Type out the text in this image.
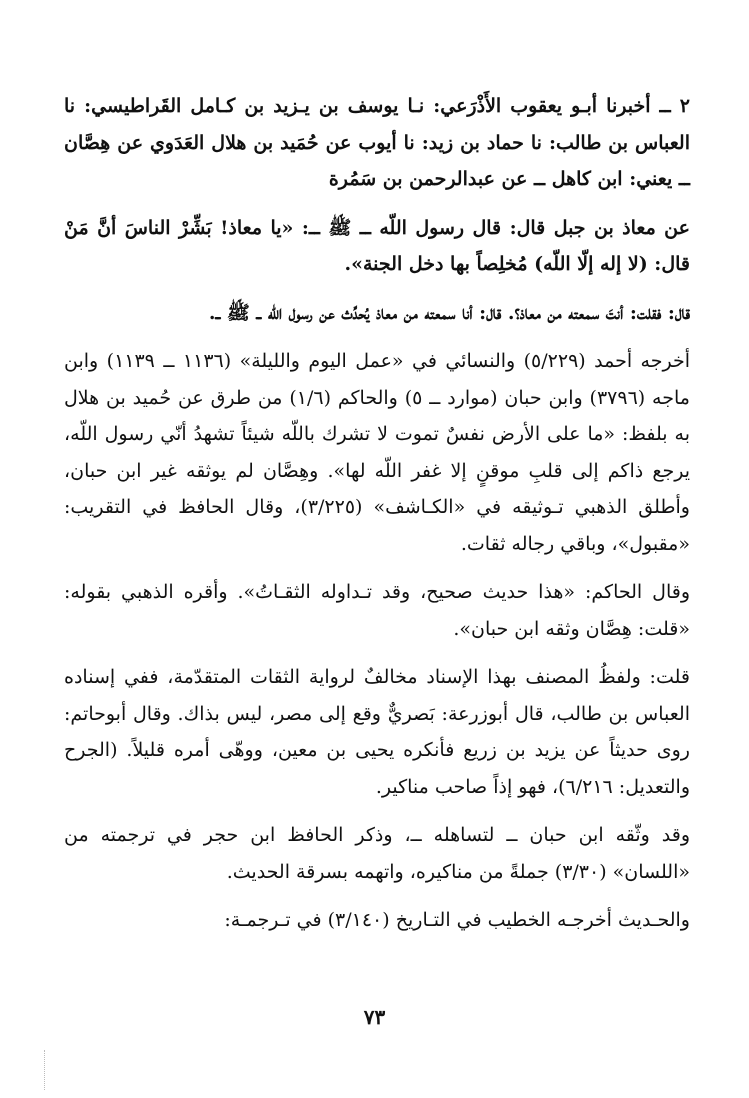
٢ ــ أخبرنا أبـو يعقوب الأَذْرَعي: نـا يوسف بن يـزيد بن كـامل القَراطيسي: نا العباس بن طالب: نا حماد بن زيد: نا أيوب عن حُمَيد بن هلال العَدَوي عن هِصَّان ــ يعني: ابن كاهل ــ عن عبدالرحمن بن سَمُرة

عن معاذ بن جبل قال: قال رسول اللّه ــ ﷺ ــ: «يا معاذ! بَشِّرْ الناسَ أنَّ مَنْ قال: (لا إله إلّا اللّه) مُخلِصاً بها دخل الجنة».

قال: فقلت: أنتَ سمعته من معاذ؟. قال: أنا سمعته من معاذ يُحدِّث عن رسول اللّه ــ ﷺ ــ.

أخرجه أحمد (٥/٢٢٩) والنسائي في «عمل اليوم والليلة» (١١٣٦ ــ ١١٣٩) وابن ماجه (٣٧٩٦) وابن حبان (موارد ــ ٥) والحاكم (١/٦) من طرق عن حُميد بن هلال به بلفظ: «ما على الأرض نفسٌ تموت لا تشرك باللّه شيئاً تشهدُ أنّي رسول اللّه، يرجع ذاكم إلى قلبِ موقنٍ إلا غفر اللّه لها». وهِصَّان لم يوثقه غير ابن حبان، وأطلق الذهبي تـوثيقه في «الكـاشف» (٣/٢٢٥)، وقال الحافظ في التقريب: «مقبول»، وباقي رجاله ثقات.

وقال الحاكم: «هذا حديث صحيح، وقد تـداوله الثقـاتُ». وأقره الذهبي بقوله: «قلت: هِصَّان وثقه ابن حبان».

قلت: ولفظُ المصنف بهذا الإسناد مخالفٌ لرواية الثقات المتقدّمة، ففي إسناده العباس بن طالب، قال أبوزرعة: بَصريٌّ وقع إلى مصر، ليس بذاك. وقال أبوحاتم: روى حديثاً عن يزيد بن زريع فأنكره يحيى بن معين، ووهّى أمره قليلاً. (الجرح والتعديل: ٦/٢١٦)، فهو إذاً صاحب مناكير.

وقد وثّقه ابن حبان ــ لتساهله ــ، وذكر الحافظ ابن حجر في ترجمته من «اللسان» (٣/٣٠) جملةً من مناكيره، واتهمه بسرقة الحديث.

والحـديث أخرجـه الخطيب في التـاريخ (٣/١٤٠) في تـرجمـة:

٧٣
